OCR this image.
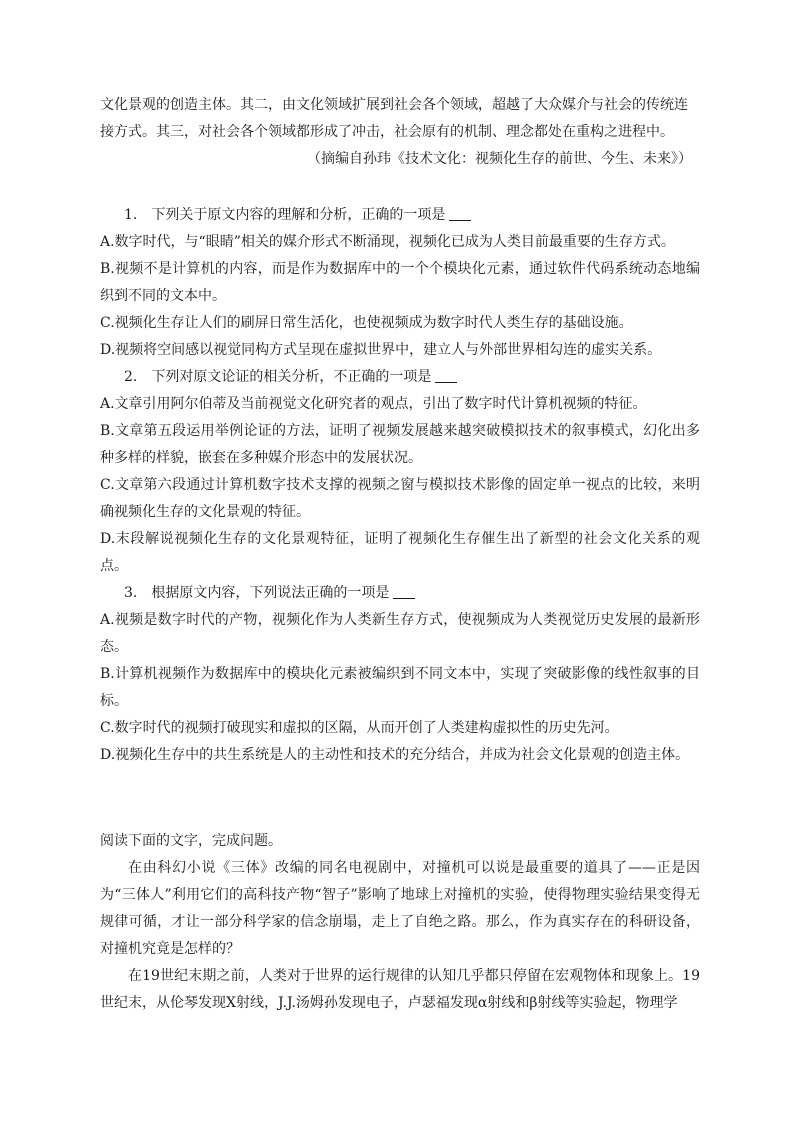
文化景观的创造主体。其二，由文化领域扩展到社会各个领域，超越了大众媒介与社会的传统连

接方式。其三，对社会各个领域都形成了冲击，社会原有的机制、理念都处在重构之进程中。

（摘编自孙玮《技术文化：视频化生存的前世、今生、未来》）

1.　下列关于原文内容的理解和分析，正确的一项是

A.数字时代，与“眼睛”相关的媒介形式不断涌现，视频化已成为人类目前最重要的生存方式。

B.视频不是计算机的内容，而是作为数据库中的一个个模块化元素，通过软件代码系统动态地编织到不同的文本中。

C.视频化生存让人们的刷屏日常生活化，也使视频成为数字时代人类生存的基础设施。

D.视频将空间感以视觉同构方式呈现在虚拟世界中，建立人与外部世界相勾连的虚实关系。

2.　下列对原文论证的相关分析，不正确的一项是

A.文章引用阿尔伯蒂及当前视觉文化研究者的观点，引出了数字时代计算机视频的特征。

B.文章第五段运用举例论证的方法，证明了视频发展越来越突破模拟技术的叙事模式，幻化出多种多样的样貌，嵌套在多种媒介形态中的发展状况。

C.文章第六段通过计算机数字技术支撑的视频之窗与模拟技术影像的固定单一视点的比较，来明确视频化生存的文化景观的特征。

D.末段解说视频化生存的文化景观特征，证明了视频化生存催生出了新型的社会文化关系的观点。

3.　根据原文内容，下列说法正确的一项是

A.视频是数字时代的产物，视频化作为人类新生存方式，使视频成为人类视觉历史发展的最新形态。

B.计算机视频作为数据库中的模块化元素被编织到不同文本中，实现了突破影像的线性叙事的目标。

C.数字时代的视频打破现实和虚拟的区隔，从而开创了人类建构虚拟性的历史先河。

D.视频化生存中的共生系统是人的主动性和技术的充分结合，并成为社会文化景观的创造主体。

阅读下面的文字，完成问题。

在由科幻小说《三体》改编的同名电视剧中，对撞机可以说是最重要的道具了——正是因为“三体人”利用它们的高科技产物“智子”影响了地球上对撞机的实验，使得物理实验结果变得无规律可循，才让一部分科学家的信念崩塌，走上了自绝之路。那么，作为真实存在的科研设备，对撞机究竟是怎样的？

在19世纪末期之前，人类对于世界的运行规律的认知几乎都只停留在宏观物体和现象上。19世纪末，从伦琴发现X射线，J.J.汤姆孙发现电子，卢瑟福发现α射线和β射线等实验起，物理学
